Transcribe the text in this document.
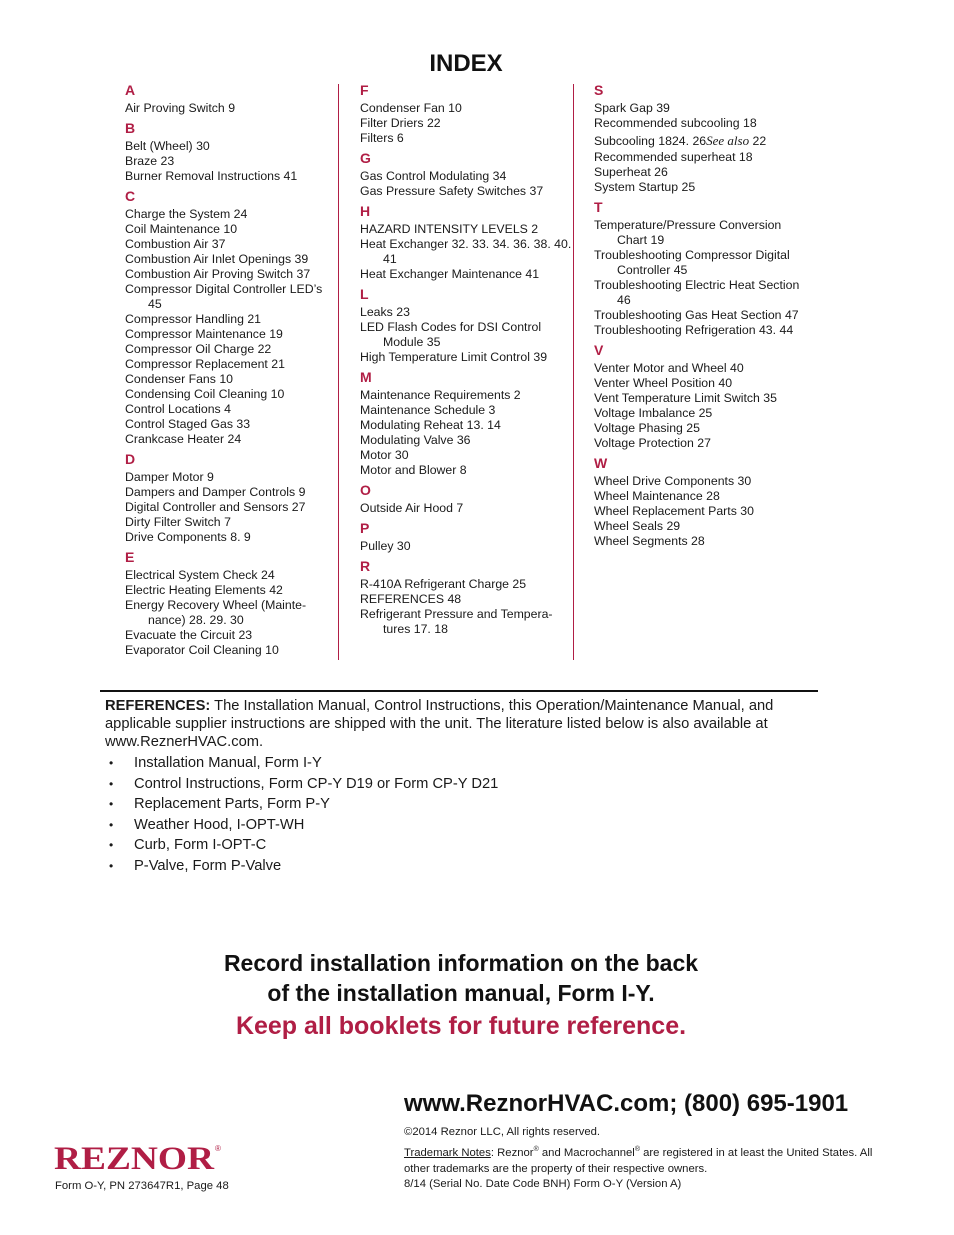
INDEX
A
Air Proving Switch 9
B
Belt (Wheel) 30
Braze 23
Burner Removal Instructions 41
C
Charge the System 24
Coil Maintenance 10
Combustion Air 37
Combustion Air Inlet Openings 39
Combustion Air Proving Switch 37
Compressor Digital Controller LED’s 45
Compressor Handling 21
Compressor Maintenance 19
Compressor Oil Charge 22
Compressor Replacement 21
Condenser Fans 10
Condensing Coil Cleaning 10
Control Locations 4
Control Staged Gas 33
Crankcase Heater 24
D
Damper Motor 9
Dampers and Damper Controls 9
Digital Controller and Sensors 27
Dirty Filter Switch 7
Drive Components 8. 9
E
Electrical System Check 24
Electric Heating Elements 42
Energy Recovery Wheel (Mainte- nance) 28. 29. 30
Evacuate the Circuit 23
Evaporator Coil Cleaning 10
F
Condenser Fan 10
Filter Driers 22
Filters 6
G
Gas Control Modulating 34
Gas Pressure Safety Switches 37
H
HAZARD INTENSITY LEVELS 2
Heat Exchanger 32. 33. 34. 36. 38. 40. 41
Heat Exchanger Maintenance 41
L
Leaks 23
LED Flash Codes for DSI Control Module 35
High Temperature Limit Control 39
M
Maintenance Requirements 2
Maintenance Schedule 3
Modulating Reheat 13. 14
Modulating Valve 36
Motor 30
Motor and Blower 8
O
Outside Air Hood 7
P
Pulley 30
R
R-410A Refrigerant Charge 25
REFERENCES 48
Refrigerant Pressure and Tempera- tures 17. 18
S
Spark Gap 39
Recommended subcooling 18
Subcooling 1824. 26See also 22
Recommended superheat 18
Superheat 26
System Startup 25
T
Temperature/Pressure Conversion Chart 19
Troubleshooting Compressor Digital Controller 45
Troubleshooting Electric Heat Section 46
Troubleshooting Gas Heat Section 47
Troubleshooting Refrigeration 43. 44
V
Venter Motor and Wheel 40
Venter Wheel Position 40
Vent Temperature Limit Switch 35
Voltage Imbalance 25
Voltage Phasing 25
Voltage Protection 27
W
Wheel Drive Components 30
Wheel Maintenance 28
Wheel Replacement Parts 30
Wheel Seals 29
Wheel Segments 28
REFERENCES: The Installation Manual, Control Instructions, this Operation/Maintenance Manual, and applicable supplier instructions are shipped with the unit. The literature listed below is also available at www.ReznerHVAC.com.
• Installation Manual, Form I-Y
• Control Instructions, Form CP-Y D19 or Form CP-Y D21
• Replacement Parts, Form P-Y
• Weather Hood, I-OPT-WH
• Curb, Form I-OPT-C
• P-Valve, Form P-Valve
Record installation information on the back
of the installation manual, Form I-Y.
Keep all booklets for future reference.
www.ReznorHVAC.com; (800) 695-1901
©2014 Reznor LLC, All rights reserved.
Trademark Notes: Reznor® and Macrochannel® are registered in at least the United States. All other trademarks are the property of their respective owners.
8/14 (Serial No. Date Code BNH) Form O-Y (Version A)
REZNOR ®
Form O-Y, PN 273647R1, Page 48
